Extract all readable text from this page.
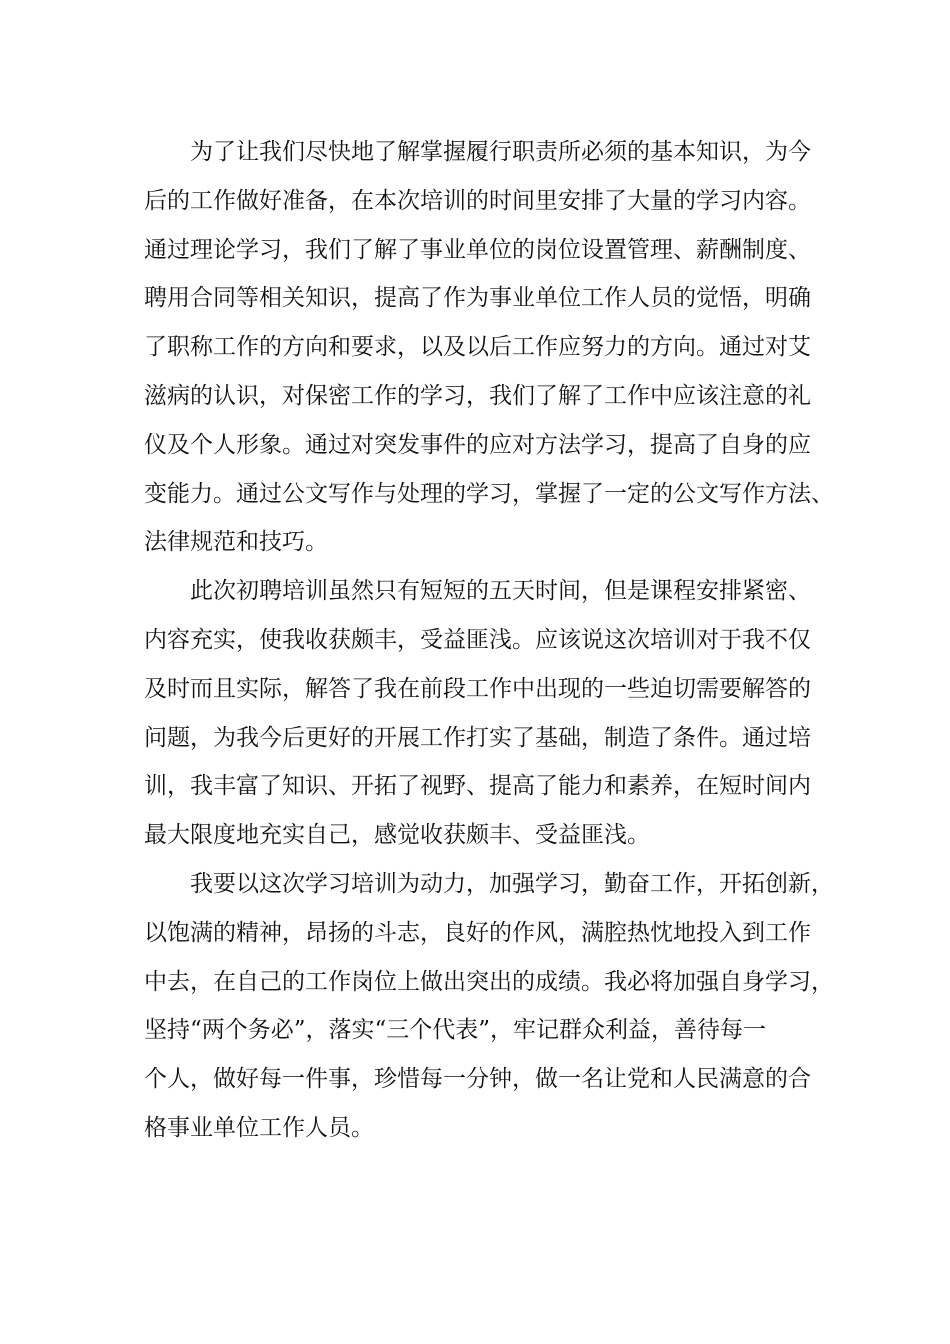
为了让我们尽快地了解掌握履行职责所必须的基本知识，为今
后的工作做好准备，在本次培训的时间里安排了大量的学习内容。
通过理论学习，我们了解了事业单位的岗位设置管理、薪酬制度、
聘用合同等相关知识，提高了作为事业单位工作人员的觉悟，明确
了职称工作的方向和要求，以及以后工作应努力的方向。通过对艾
滋病的认识，对保密工作的学习，我们了解了工作中应该注意的礼
仪及个人形象。通过对突发事件的应对方法学习，提高了自身的应
变能力。通过公文写作与处理的学习，掌握了一定的公文写作方法、
法律规范和技巧。
此次初聘培训虽然只有短短的五天时间，但是课程安排紧密、
内容充实，使我收获颇丰，受益匪浅。应该说这次培训对于我不仅
及时而且实际，解答了我在前段工作中出现的一些迫切需要解答的
问题，为我今后更好的开展工作打实了基础，制造了条件。通过培
训，我丰富了知识、开拓了视野、提高了能力和素养，在短时间内
最大限度地充实自己，感觉收获颇丰、受益匪浅。
我要以这次学习培训为动力，加强学习，勤奋工作，开拓创新，
以饱满的精神，昂扬的斗志，良好的作风，满腔热忱地投入到工作
中去，在自己的工作岗位上做出突出的成绩。我必将加强自身学习，
坚持“两个务必”，落实“三个代表”，牢记群众利益，善待每一
个人，做好每一件事，珍惜每一分钟，做一名让党和人民满意的合
格事业单位工作人员。
